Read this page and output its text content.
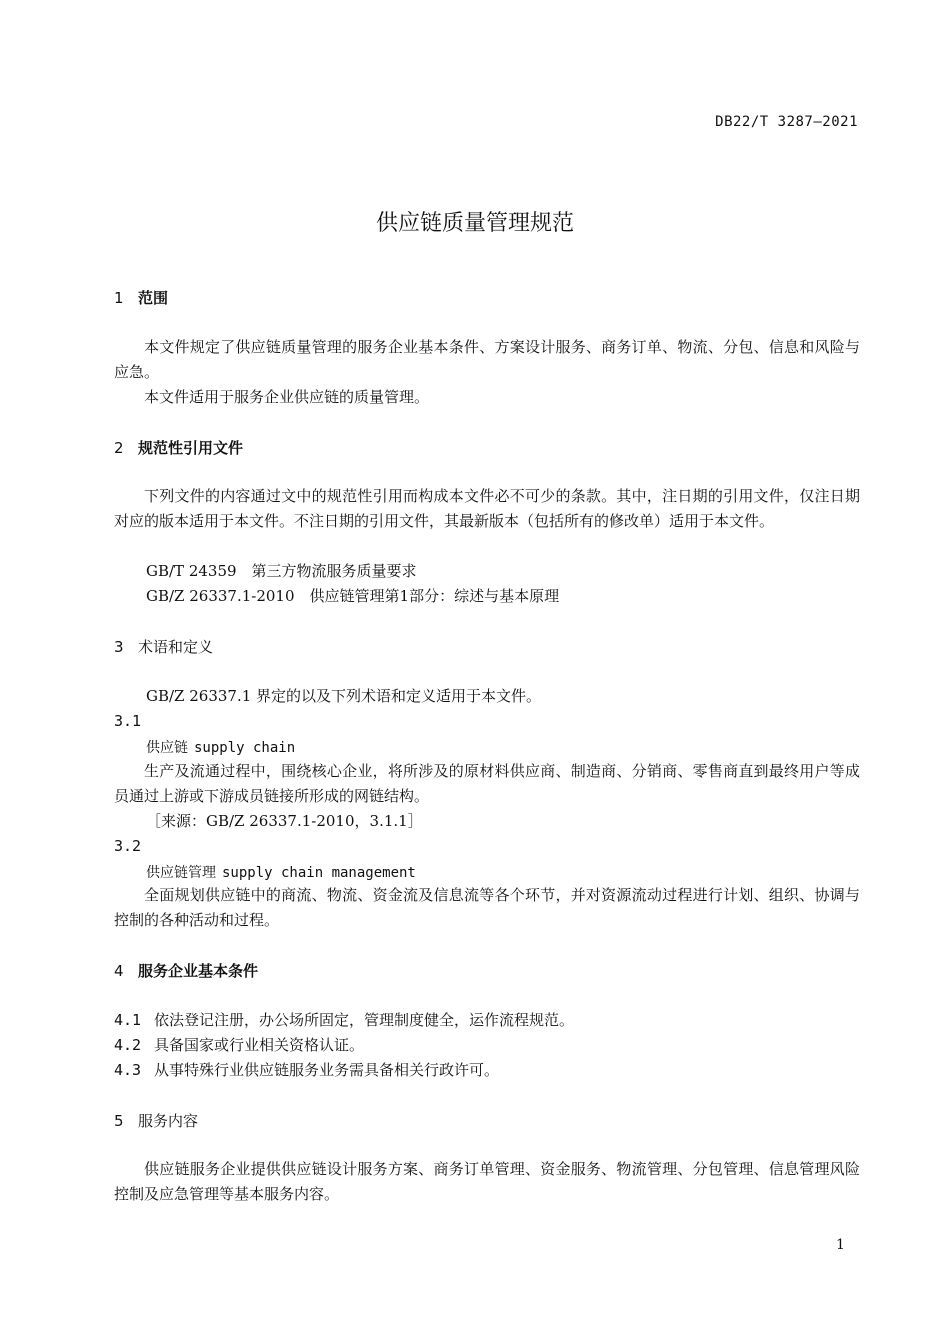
DB22/T 3287—2021
供应链质量管理规范
1 范围
本文件规定了供应链质量管理的服务企业基本条件、方案设计服务、商务订单、物流、分包、信息和风险与应急。
本文件适用于服务企业供应链的质量管理。
2 规范性引用文件
下列文件的内容通过文中的规范性引用而构成本文件必不可少的条款。其中，注日期的引用文件，仅注日期对应的版本适用于本文件。不注日期的引用文件，其最新版本（包括所有的修改单）适用于本文件。
GB/T 24359　第三方物流服务质量要求
GB/Z 26337.1-2010　供应链管理第1部分：综述与基本原理
3 术语和定义
GB/Z 26337.1 界定的以及下列术语和定义适用于本文件。
3.1
供应链 supply chain
生产及流通过程中，围绕核心企业，将所涉及的原材料供应商、制造商、分销商、零售商直到最终用户等成员通过上游或下游成员链接所形成的网链结构。
［来源：GB/Z 26337.1-2010，3.1.1］
3.2
供应链管理 supply chain management
全面规划供应链中的商流、物流、资金流及信息流等各个环节，并对资源流动过程进行计划、组织、协调与控制的各种活动和过程。
4 服务企业基本条件
4.1 依法登记注册，办公场所固定，管理制度健全，运作流程规范。
4.2 具备国家或行业相关资格认证。
4.3 从事特殊行业供应链服务业务需具备相关行政许可。
5 服务内容
供应链服务企业提供供应链设计服务方案、商务订单管理、资金服务、物流管理、分包管理、信息管理风险控制及应急管理等基本服务内容。
1
